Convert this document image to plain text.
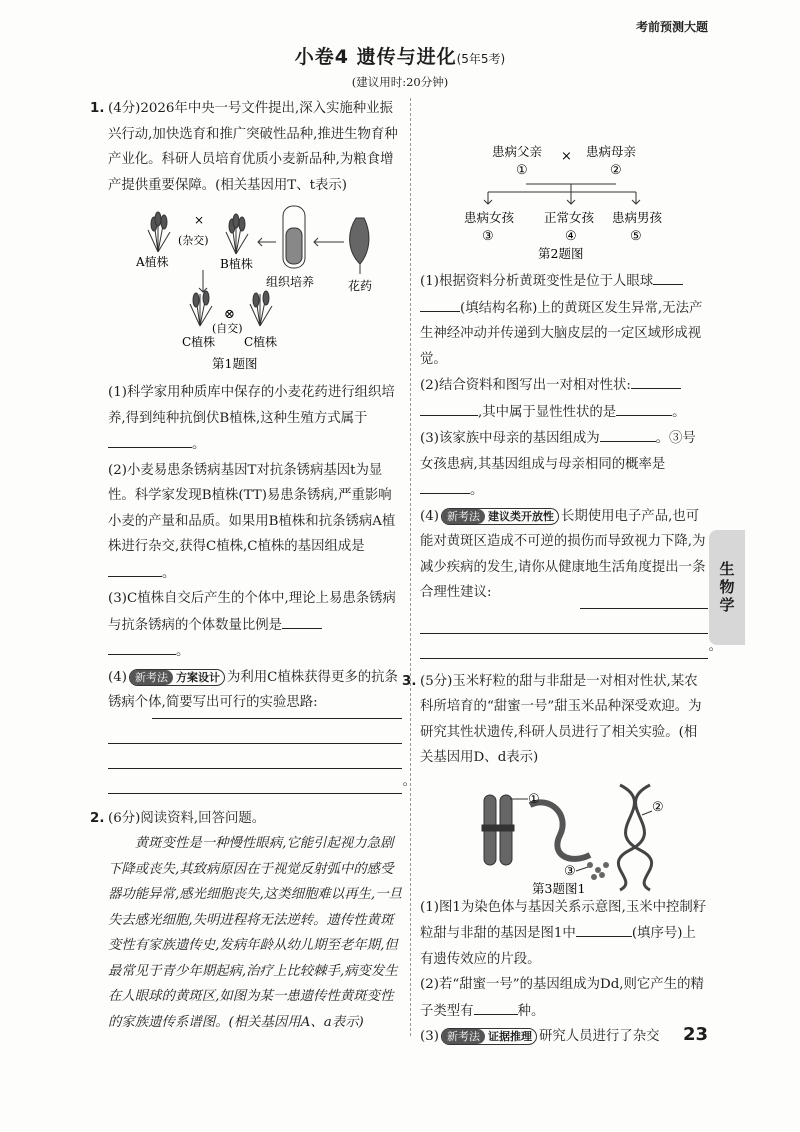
考前预测大题
小卷4 遗传与进化(5年5考)
(建议用时:20分钟)
1. (4分)2026年中央一号文件提出,深入实施种业振兴行动,加快选育和推广突破性品种,推进生物育种产业化。科研人员培育优质小麦新品种,为粮食增产提供重要保障。(相关基因用T、t表示)

×
(杂交)
A植株	B植株
组织培养	花药
⊗
(自交)
C植株 C植株
第1题图

(1)科学家用种质库中保存的小麦花药进行组织培养,得到纯种抗倒伏B植株,这种生殖方式属于。

(2)小麦易患条锈病基因T对抗条锈病基因t为显性。科学家发现B植株(TT)易患条锈病,严重影响小麦的产量和品质。如果用B植株和抗条锈病A植株进行杂交,获得C植株,C植株的基因组成是。

(3)C植株自交后产生的个体中,理论上易患条锈病与抗条锈病的个体数量比例是
。

(4) 新考法 方案设计 为利用C植株获得更多的抗条锈病个体,简要写出可行的实验思路:

。
2. (6分)阅读资料,回答问题。

黄斑变性是一种慢性眼病,它能引起视力急剧下降或丧失,其致病原因在于视觉反射弧中的感受器功能异常,感光细胞丧失,这类细胞难以再生,一旦失去感光细胞,失明进程将无法逆转。遗传性黄斑变性有家族遗传史,发病年龄从幼儿期至老年期,但最常见于青少年期起病,治疗上比较棘手,病变发生在人眼球的黄斑区,如图为某一患遗传性黄斑变性的家族遗传系谱图。(相关基因用A、a表示)

患病父亲 × 患病母亲
①	②
患病女孩 正常女孩 患病男孩
③	④	⑤
第2题图

(1)根据资料分析黄斑变性是位于人眼球
(填结构名称)上的黄斑区发生异常,无法产生神经冲动并传递到大脑皮层的一定区域形成视觉。

(2)结合资料和图写出一对相对性状:
,其中属于显性性状的是	。

(3)该家族中母亲的基因组成为	。③号女孩患病,其基因组成与母亲相同的概率是。

(4) 新考法 建议类开放性 长期使用电子产品,也可能对黄斑区造成不可逆的损伤而导致视力下降,为减少疾病的发生,请你从健康地生活角度提出一条合理性建议:

。
3. (5分)玉米籽粒的甜与非甜是一对相对性状,某农科所培育的“甜蜜一号”甜玉米品种深受欢迎。为研究其性状遗传,科研人员进行了相关实验。(相关基因用D、d表示)

①
②
③
第3题图1

(1)图1为染色体与基因关系示意图,玉米中控制籽粒甜与非甜的基因是图1中	(填序号)上有遗传效应的片段。

(2)若“甜蜜一号”的基因组成为Dd,则它产生的精子类型有	种。

(3) 新考法 证据推理 研究人员进行了杂交

生物学
23
